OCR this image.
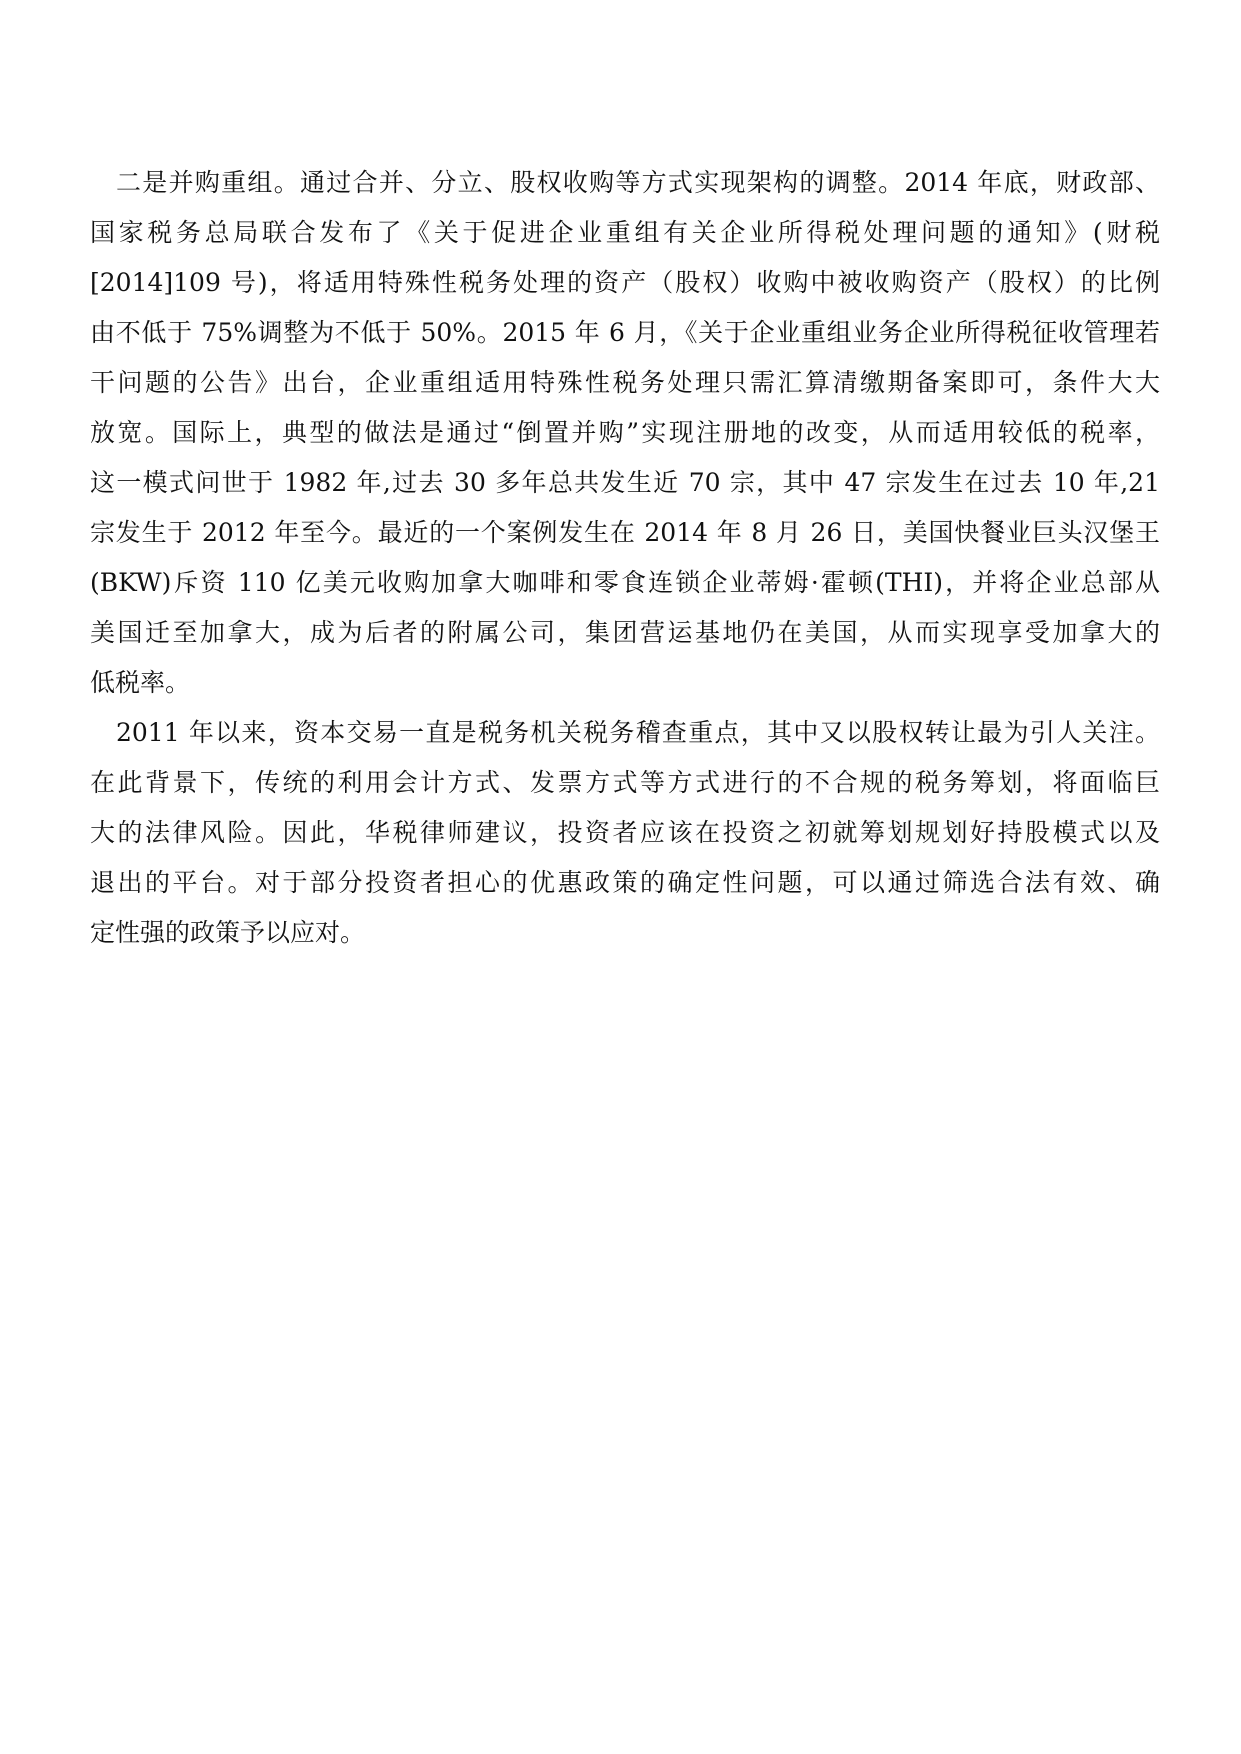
二是并购重组。通过合并、分立、股权收购等方式实现架构的调整。2014 年底，财政部、
国家税务总局联合发布了《关于促进企业重组有关企业所得税处理问题的通知》(财税
[2014]109 号)，将适用特殊性税务处理的资产（股权）收购中被收购资产（股权）的比例
由不低于 75%调整为不低于 50%。2015 年 6 月，《关于企业重组业务企业所得税征收管理若
干问题的公告》出台，企业重组适用特殊性税务处理只需汇算清缴期备案即可，条件大大
放宽。国际上，典型的做法是通过“倒置并购”实现注册地的改变，从而适用较低的税率，
这一模式问世于 1982 年,过去 30 多年总共发生近 70 宗，其中 47 宗发生在过去 10 年,21
宗发生于 2012 年至今。最近的一个案例发生在 2014 年 8 月 26 日，美国快餐业巨头汉堡王
(BKW)斥资 110 亿美元收购加拿大咖啡和零食连锁企业蒂姆·霍顿(THI)，并将企业总部从
美国迁至加拿大，成为后者的附属公司，集团营运基地仍在美国，从而实现享受加拿大的
低税率。
2011 年以来，资本交易一直是税务机关税务稽查重点，其中又以股权转让最为引人关注。
在此背景下，传统的利用会计方式、发票方式等方式进行的不合规的税务筹划，将面临巨
大的法律风险。因此，华税律师建议，投资者应该在投资之初就筹划规划好持股模式以及
退出的平台。对于部分投资者担心的优惠政策的确定性问题，可以通过筛选合法有效、确
定性强的政策予以应对。
